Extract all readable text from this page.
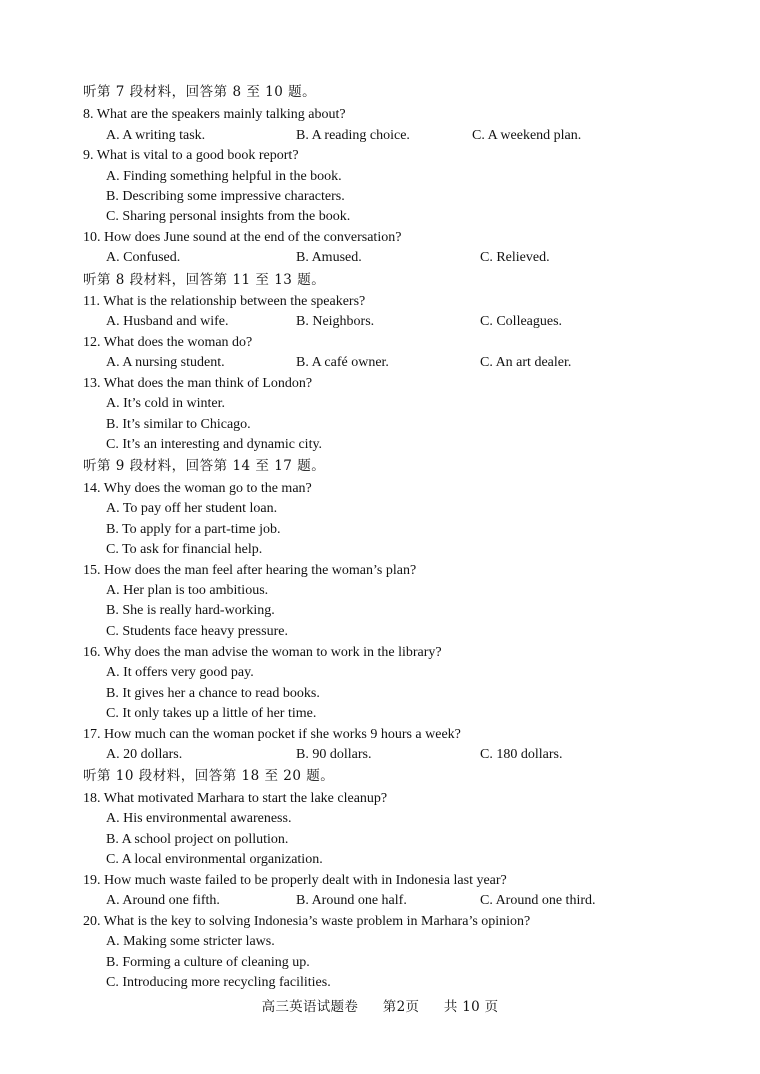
听第 7 段材料，回答第 8 至 10 题。
8. What are the speakers mainly talking about?
A. A writing task.	B. A reading choice.	C. A weekend plan.
9. What is vital to a good book report?
A. Finding something helpful in the book.
B. Describing some impressive characters.
C. Sharing personal insights from the book.
10. How does June sound at the end of the conversation?
A. Confused.	B. Amused.	C. Relieved.
听第 8 段材料，回答第 11 至 13 题。
11. What is the relationship between the speakers?
A. Husband and wife.	B. Neighbors.	C. Colleagues.
12. What does the woman do?
A. A nursing student.	B. A café owner.	C. An art dealer.
13. What does the man think of London?
A. It’s cold in winter.
B. It’s similar to Chicago.
C. It’s an interesting and dynamic city.
听第 9 段材料，回答第 14 至 17 题。
14. Why does the woman go to the man?
A. To pay off her student loan.
B. To apply for a part-time job.
C. To ask for financial help.
15. How does the man feel after hearing the woman’s plan?
A. Her plan is too ambitious.
B. She is really hard-working.
C. Students face heavy pressure.
16. Why does the man advise the woman to work in the library?
A. It offers very good pay.
B. It gives her a chance to read books.
C. It only takes up a little of her time.
17. How much can the woman pocket if she works 9 hours a week?
A. 20 dollars.	B. 90 dollars.	C. 180 dollars.
听第 10 段材料，回答第 18 至 20 题。
18. What motivated Marhara to start the lake cleanup?
A. His environmental awareness.
B. A school project on pollution.
C. A local environmental organization.
19. How much waste failed to be properly dealt with in Indonesia last year?
A. Around one fifth.	B. Around one half.	C. Around one third.
20. What is the key to solving Indonesia’s waste problem in Marhara’s opinion?
A. Making some stricter laws.
B. Forming a culture of cleaning up.
C. Introducing more recycling facilities.
高三英语试题卷 第2页 共 10 页
